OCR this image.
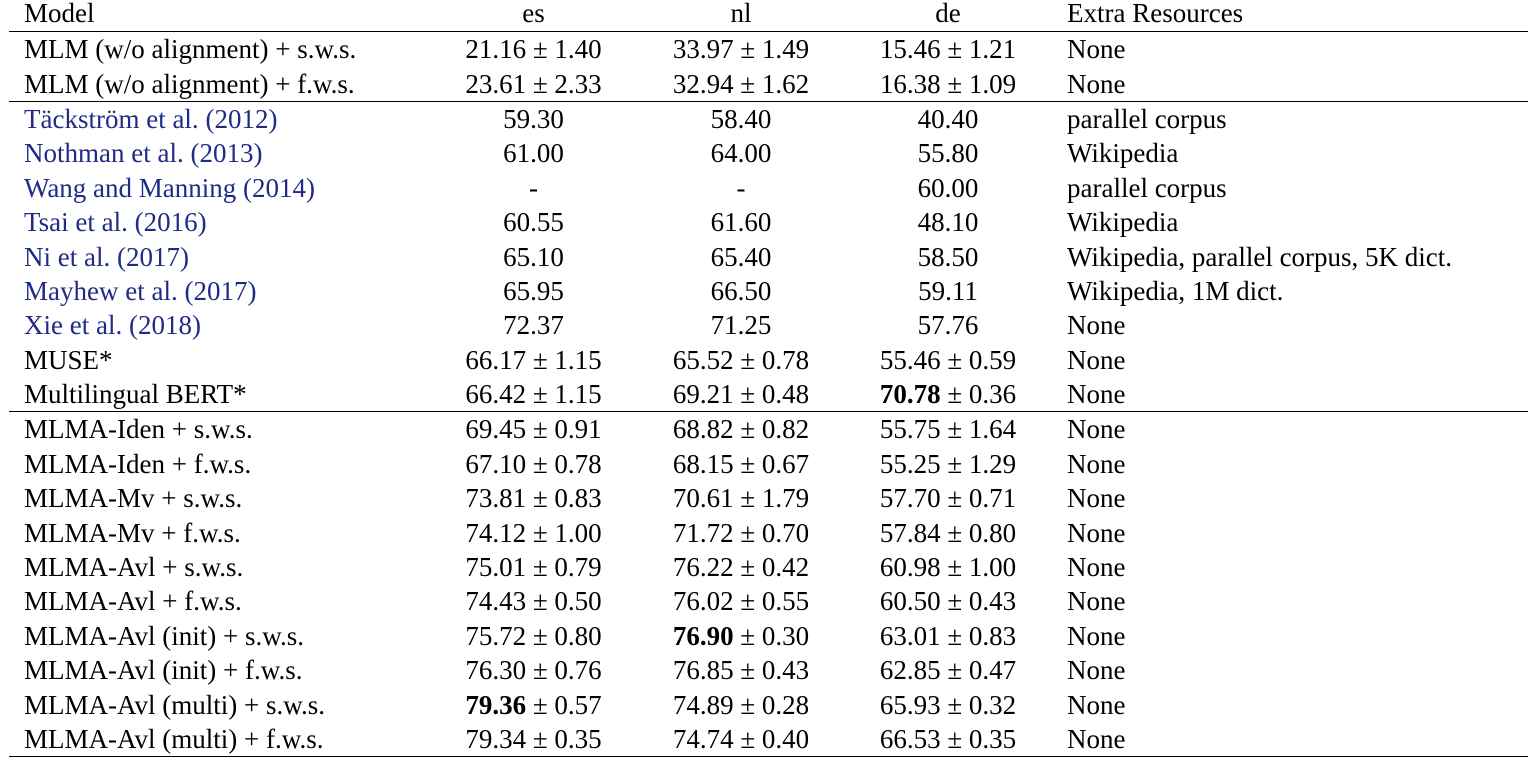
Model	es	nl	de	Extra Resources
MLM (w/o alignment) + s.w.s.	21.16 ± 1.40	33.97 ± 1.49	15.46 ± 1.21	None
MLM (w/o alignment) + f.w.s.	23.61 ± 2.33	32.94 ± 1.62	16.38 ± 1.09	None
Täckström et al. (2012)	59.30	58.40	40.40	parallel corpus
Nothman et al. (2013)	61.00	64.00	55.80	Wikipedia
Wang and Manning (2014)	-	-	60.00	parallel corpus
Tsai et al. (2016)	60.55	61.60	48.10	Wikipedia
Ni et al. (2017)	65.10	65.40	58.50	Wikipedia, parallel corpus, 5K dict.
Mayhew et al. (2017)	65.95	66.50	59.11	Wikipedia, 1M dict.
Xie et al. (2018)	72.37	71.25	57.76	None
MUSE*	66.17 ± 1.15	65.52 ± 0.78	55.46 ± 0.59	None
Multilingual BERT*	66.42 ± 1.15	69.21 ± 0.48	70.78 ± 0.36	None
MLMA-Iden + s.w.s.	69.45 ± 0.91	68.82 ± 0.82	55.75 ± 1.64	None
MLMA-Iden + f.w.s.	67.10 ± 0.78	68.15 ± 0.67	55.25 ± 1.29	None
MLMA-Mv + s.w.s.	73.81 ± 0.83	70.61 ± 1.79	57.70 ± 0.71	None
MLMA-Mv + f.w.s.	74.12 ± 1.00	71.72 ± 0.70	57.84 ± 0.80	None
MLMA-Avl + s.w.s.	75.01 ± 0.79	76.22 ± 0.42	60.98 ± 1.00	None
MLMA-Avl + f.w.s.	74.43 ± 0.50	76.02 ± 0.55	60.50 ± 0.43	None
MLMA-Avl (init) + s.w.s.	75.72 ± 0.80	76.90 ± 0.30	63.01 ± 0.83	None
MLMA-Avl (init) + f.w.s.	76.30 ± 0.76	76.85 ± 0.43	62.85 ± 0.47	None
MLMA-Avl (multi) + s.w.s.	79.36 ± 0.57	74.89 ± 0.28	65.93 ± 0.32	None
MLMA-Avl (multi) + f.w.s.	79.34 ± 0.35	74.74 ± 0.40	66.53 ± 0.35	None
